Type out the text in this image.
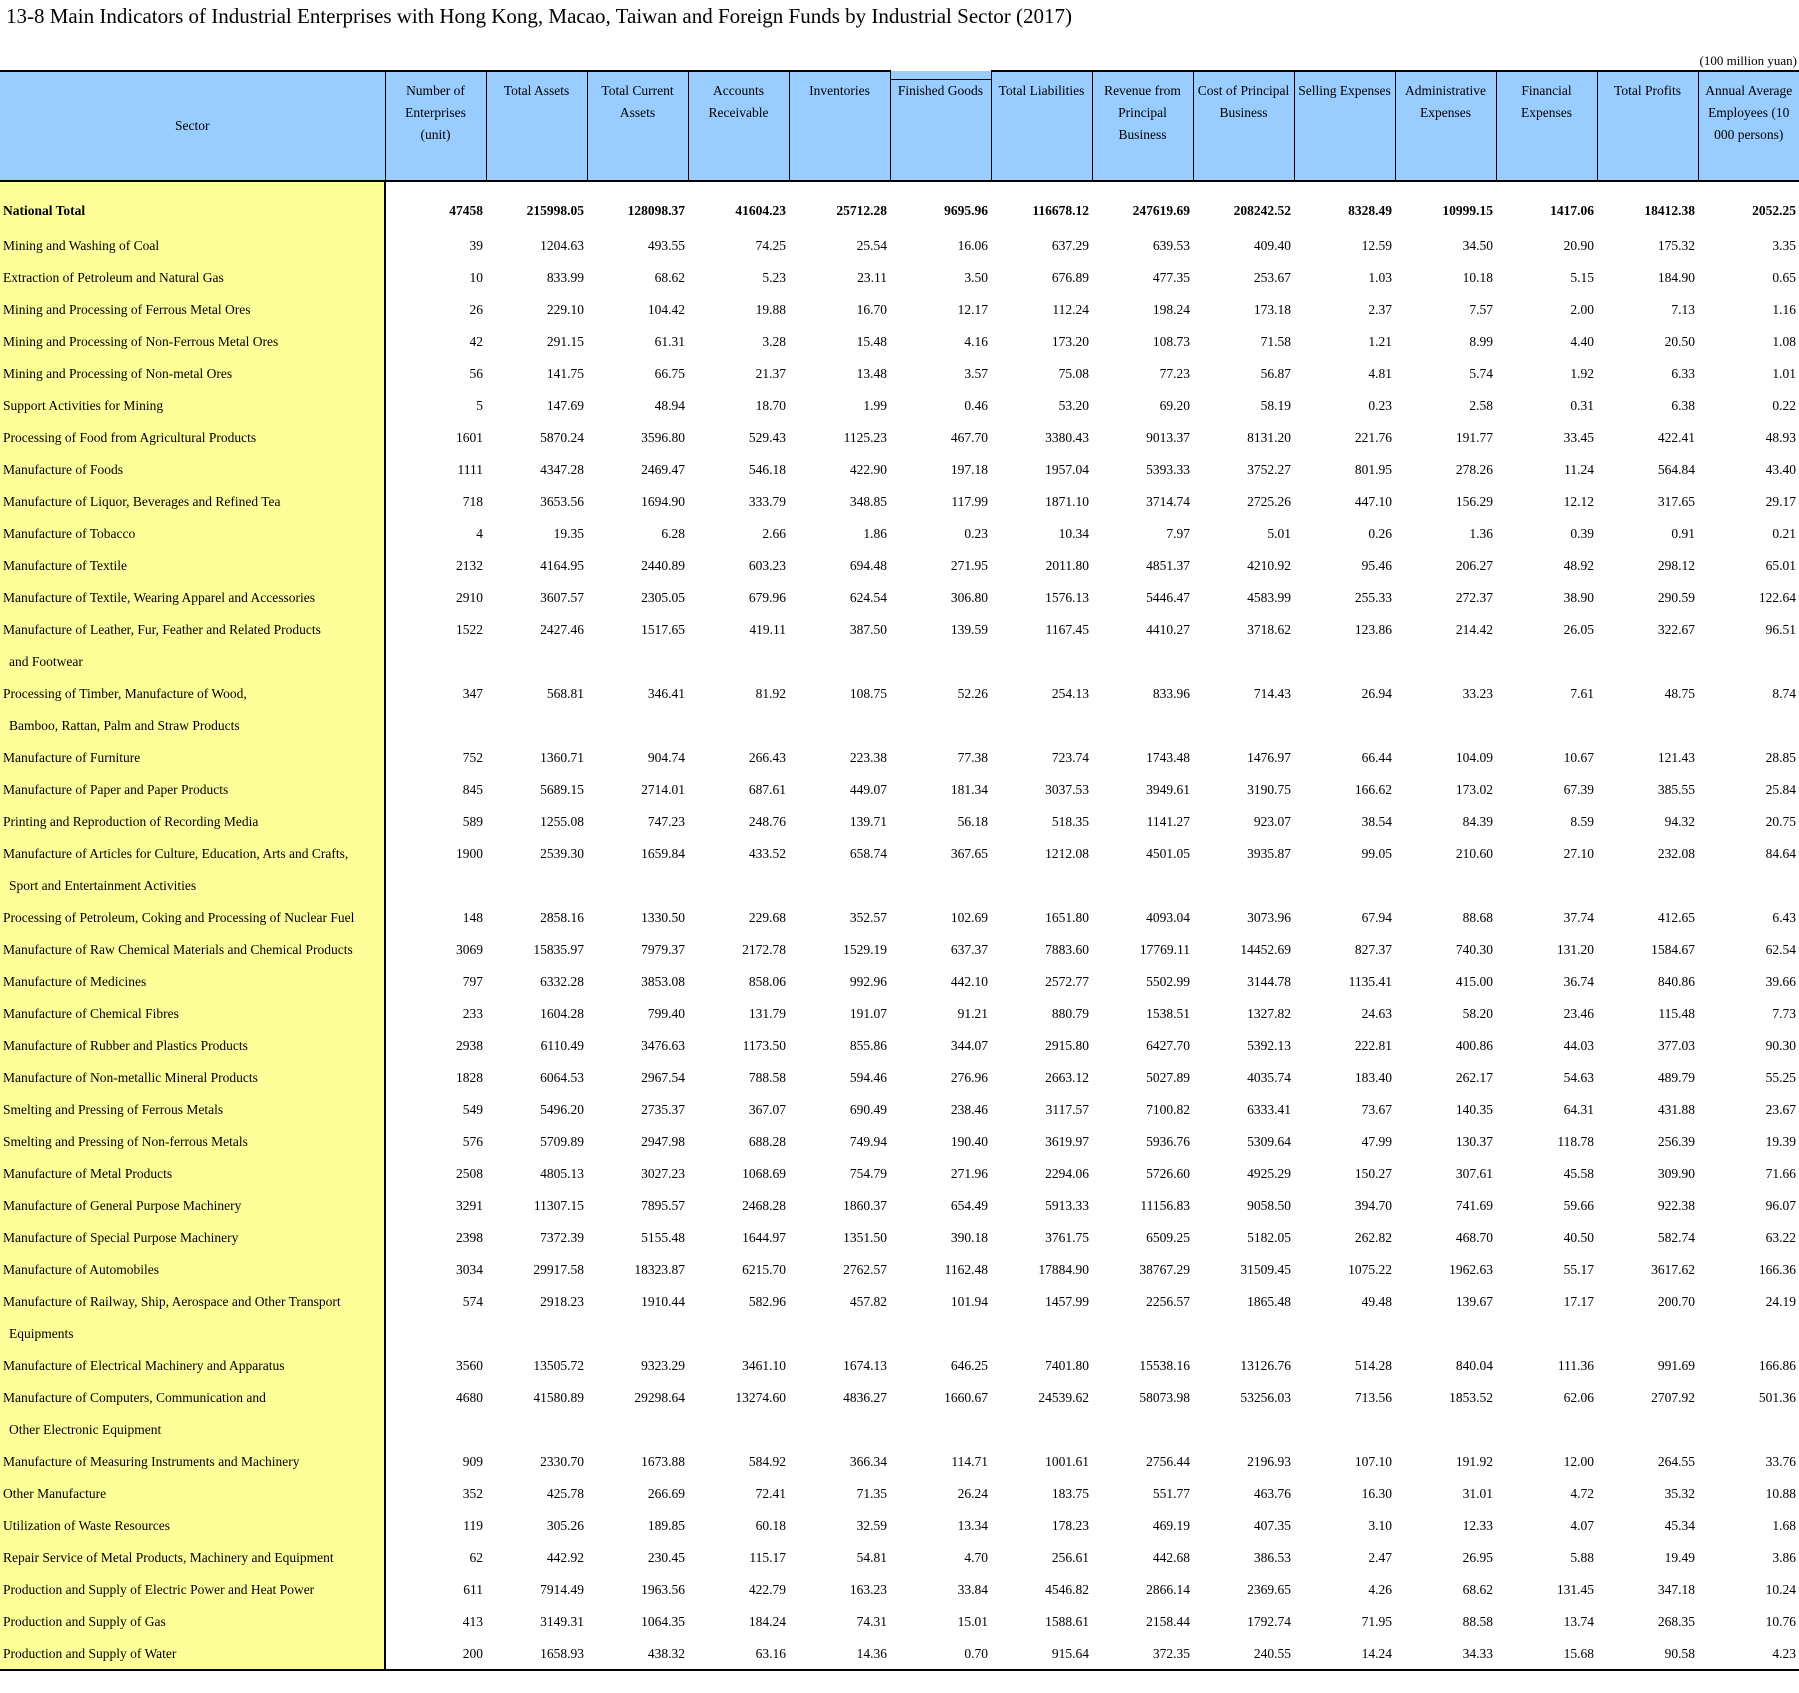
13-8 Main Indicators of Industrial Enterprises with Hong Kong, Macao, Taiwan and Foreign Funds by Industrial Sector (2017)
(100 million yuan)
Sector	Number of Enterprises (unit)	Total Assets	Total Current Assets	Accounts Receivable	Inventories	Finished Goods	Total Liabilities	Revenue from Principal Business	Cost of Principal Business	Selling Expenses	Administrative Expenses	Financial Expenses	Total Profits	Annual Average Employees (10 000 persons)
National Total	47458	215998.05	128098.37	41604.23	25712.28	9695.96	116678.12	247619.69	208242.52	8328.49	10999.15	1417.06	18412.38	2052.25
Mining and Washing of Coal	39	1204.63	493.55	74.25	25.54	16.06	637.29	639.53	409.40	12.59	34.50	20.90	175.32	3.35
Extraction of Petroleum and Natural Gas	10	833.99	68.62	5.23	23.11	3.50	676.89	477.35	253.67	1.03	10.18	5.15	184.90	0.65
Mining and Processing of Ferrous Metal Ores	26	229.10	104.42	19.88	16.70	12.17	112.24	198.24	173.18	2.37	7.57	2.00	7.13	1.16
Mining and Processing of Non-Ferrous Metal Ores	42	291.15	61.31	3.28	15.48	4.16	173.20	108.73	71.58	1.21	8.99	4.40	20.50	1.08
Mining and Processing of Non-metal Ores	56	141.75	66.75	21.37	13.48	3.57	75.08	77.23	56.87	4.81	5.74	1.92	6.33	1.01
Support Activities for Mining	5	147.69	48.94	18.70	1.99	0.46	53.20	69.20	58.19	0.23	2.58	0.31	6.38	0.22
Processing of Food from Agricultural Products	1601	5870.24	3596.80	529.43	1125.23	467.70	3380.43	9013.37	8131.20	221.76	191.77	33.45	422.41	48.93
Manufacture of Foods	1111	4347.28	2469.47	546.18	422.90	197.18	1957.04	5393.33	3752.27	801.95	278.26	11.24	564.84	43.40
Manufacture of Liquor, Beverages and Refined Tea	718	3653.56	1694.90	333.79	348.85	117.99	1871.10	3714.74	2725.26	447.10	156.29	12.12	317.65	29.17
Manufacture of Tobacco	4	19.35	6.28	2.66	1.86	0.23	10.34	7.97	5.01	0.26	1.36	0.39	0.91	0.21
Manufacture of Textile	2132	4164.95	2440.89	603.23	694.48	271.95	2011.80	4851.37	4210.92	95.46	206.27	48.92	298.12	65.01
Manufacture of Textile, Wearing Apparel and Accessories	2910	3607.57	2305.05	679.96	624.54	306.80	1576.13	5446.47	4583.99	255.33	272.37	38.90	290.59	122.64
Manufacture of Leather, Fur, Feather and Related Products	1522	2427.46	1517.65	419.11	387.50	139.59	1167.45	4410.27	3718.62	123.86	214.42	26.05	322.67	96.51
and Footwear														
Processing of Timber, Manufacture of Wood,	347	568.81	346.41	81.92	108.75	52.26	254.13	833.96	714.43	26.94	33.23	7.61	48.75	8.74
Bamboo, Rattan, Palm and Straw Products														
Manufacture of Furniture	752	1360.71	904.74	266.43	223.38	77.38	723.74	1743.48	1476.97	66.44	104.09	10.67	121.43	28.85
Manufacture of Paper and Paper Products	845	5689.15	2714.01	687.61	449.07	181.34	3037.53	3949.61	3190.75	166.62	173.02	67.39	385.55	25.84
Printing and Reproduction of Recording Media	589	1255.08	747.23	248.76	139.71	56.18	518.35	1141.27	923.07	38.54	84.39	8.59	94.32	20.75
Manufacture of Articles for Culture, Education, Arts and Crafts,	1900	2539.30	1659.84	433.52	658.74	367.65	1212.08	4501.05	3935.87	99.05	210.60	27.10	232.08	84.64
Sport and Entertainment Activities														
Processing of Petroleum, Coking and Processing of Nuclear Fuel	148	2858.16	1330.50	229.68	352.57	102.69	1651.80	4093.04	3073.96	67.94	88.68	37.74	412.65	6.43
Manufacture of Raw Chemical Materials and Chemical Products	3069	15835.97	7979.37	2172.78	1529.19	637.37	7883.60	17769.11	14452.69	827.37	740.30	131.20	1584.67	62.54
Manufacture of Medicines	797	6332.28	3853.08	858.06	992.96	442.10	2572.77	5502.99	3144.78	1135.41	415.00	36.74	840.86	39.66
Manufacture of Chemical Fibres	233	1604.28	799.40	131.79	191.07	91.21	880.79	1538.51	1327.82	24.63	58.20	23.46	115.48	7.73
Manufacture of Rubber and Plastics Products	2938	6110.49	3476.63	1173.50	855.86	344.07	2915.80	6427.70	5392.13	222.81	400.86	44.03	377.03	90.30
Manufacture of Non-metallic Mineral Products	1828	6064.53	2967.54	788.58	594.46	276.96	2663.12	5027.89	4035.74	183.40	262.17	54.63	489.79	55.25
Smelting and Pressing of Ferrous Metals	549	5496.20	2735.37	367.07	690.49	238.46	3117.57	7100.82	6333.41	73.67	140.35	64.31	431.88	23.67
Smelting and Pressing of Non-ferrous Metals	576	5709.89	2947.98	688.28	749.94	190.40	3619.97	5936.76	5309.64	47.99	130.37	118.78	256.39	19.39
Manufacture of Metal Products	2508	4805.13	3027.23	1068.69	754.79	271.96	2294.06	5726.60	4925.29	150.27	307.61	45.58	309.90	71.66
Manufacture of General Purpose Machinery	3291	11307.15	7895.57	2468.28	1860.37	654.49	5913.33	11156.83	9058.50	394.70	741.69	59.66	922.38	96.07
Manufacture of Special Purpose Machinery	2398	7372.39	5155.48	1644.97	1351.50	390.18	3761.75	6509.25	5182.05	262.82	468.70	40.50	582.74	63.22
Manufacture of Automobiles	3034	29917.58	18323.87	6215.70	2762.57	1162.48	17884.90	38767.29	31509.45	1075.22	1962.63	55.17	3617.62	166.36
Manufacture of Railway, Ship, Aerospace and Other Transport	574	2918.23	1910.44	582.96	457.82	101.94	1457.99	2256.57	1865.48	49.48	139.67	17.17	200.70	24.19
Equipments														
Manufacture of Electrical Machinery and Apparatus	3560	13505.72	9323.29	3461.10	1674.13	646.25	7401.80	15538.16	13126.76	514.28	840.04	111.36	991.69	166.86
Manufacture of Computers, Communication and	4680	41580.89	29298.64	13274.60	4836.27	1660.67	24539.62	58073.98	53256.03	713.56	1853.52	62.06	2707.92	501.36
Other Electronic Equipment														
Manufacture of Measuring Instruments and Machinery	909	2330.70	1673.88	584.92	366.34	114.71	1001.61	2756.44	2196.93	107.10	191.92	12.00	264.55	33.76
Other Manufacture	352	425.78	266.69	72.41	71.35	26.24	183.75	551.77	463.76	16.30	31.01	4.72	35.32	10.88
Utilization of Waste Resources	119	305.26	189.85	60.18	32.59	13.34	178.23	469.19	407.35	3.10	12.33	4.07	45.34	1.68
Repair Service of Metal Products, Machinery and Equipment	62	442.92	230.45	115.17	54.81	4.70	256.61	442.68	386.53	2.47	26.95	5.88	19.49	3.86
Production and Supply of Electric Power and Heat Power	611	7914.49	1963.56	422.79	163.23	33.84	4546.82	2866.14	2369.65	4.26	68.62	131.45	347.18	10.24
Production and Supply of Gas	413	3149.31	1064.35	184.24	74.31	15.01	1588.61	2158.44	1792.74	71.95	88.58	13.74	268.35	10.76
Production and Supply of Water	200	1658.93	438.32	63.16	14.36	0.70	915.64	372.35	240.55	14.24	34.33	15.68	90.58	4.23
